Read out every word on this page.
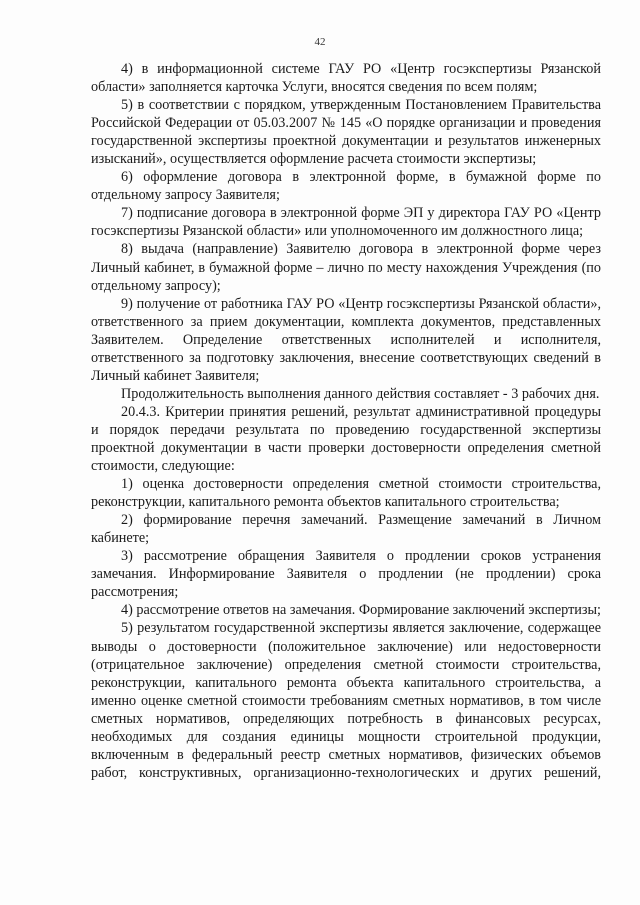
42

4) в информационной системе ГАУ РО «Центр госэкспертизы Рязанской области» заполняется карточка Услуги, вносятся сведения по всем полям;

5) в соответствии с порядком, утвержденным Постановлением Правительства Российской Федерации от 05.03.2007 № 145 «О порядке организации и проведения государственной экспертизы проектной документации и результатов инженерных изысканий», осуществляется оформление расчета стоимости экспертизы;

6) оформление договора в электронной форме, в бумажной форме по отдельному запросу Заявителя;

7) подписание договора в электронной форме ЭП у директора ГАУ РО «Центр госэкспертизы Рязанской области» или уполномоченного им должностного лица;

8) выдача (направление) Заявителю договора в электронной форме через Личный кабинет, в бумажной форме – лично по месту нахождения Учреждения (по отдельному запросу);

9) получение от работника ГАУ РО «Центр госэкспертизы Рязанской области», ответственного за прием документации, комплекта документов, представленных Заявителем. Определение ответственных исполнителей и исполнителя, ответственного за подготовку заключения, внесение соответствующих сведений в Личный кабинет Заявителя;

Продолжительность выполнения данного действия составляет - 3 рабочих дня.

20.4.3. Критерии принятия решений, результат административной процедуры и порядок передачи результата по проведению государственной экспертизы проектной документации в части проверки достоверности определения сметной стоимости, следующие:

1) оценка достоверности определения сметной стоимости строительства, реконструкции, капитального ремонта объектов капитального строительства;

2) формирование перечня замечаний. Размещение замечаний в Личном кабинете;

3) рассмотрение обращения Заявителя о продлении сроков устранения замечания. Информирование Заявителя о продлении (не продлении) срока рассмотрения;

4) рассмотрение ответов на замечания. Формирование заключений экспертизы;

5) результатом государственной экспертизы является заключение, содержащее выводы о достоверности (положительное заключение) или недостоверности (отрицательное заключение) определения сметной стоимости строительства, реконструкции, капитального ремонта объекта капитального строительства, а именно оценке сметной стоимости требованиям сметных нормативов, в том числе сметных нормативов, определяющих потребность в финансовых ресурсах, необходимых для создания единицы мощности строительной продукции, включенным в федеральный реестр сметных нормативов, физических объемов работ, конструктивных, организационно-технологических и других решений,
